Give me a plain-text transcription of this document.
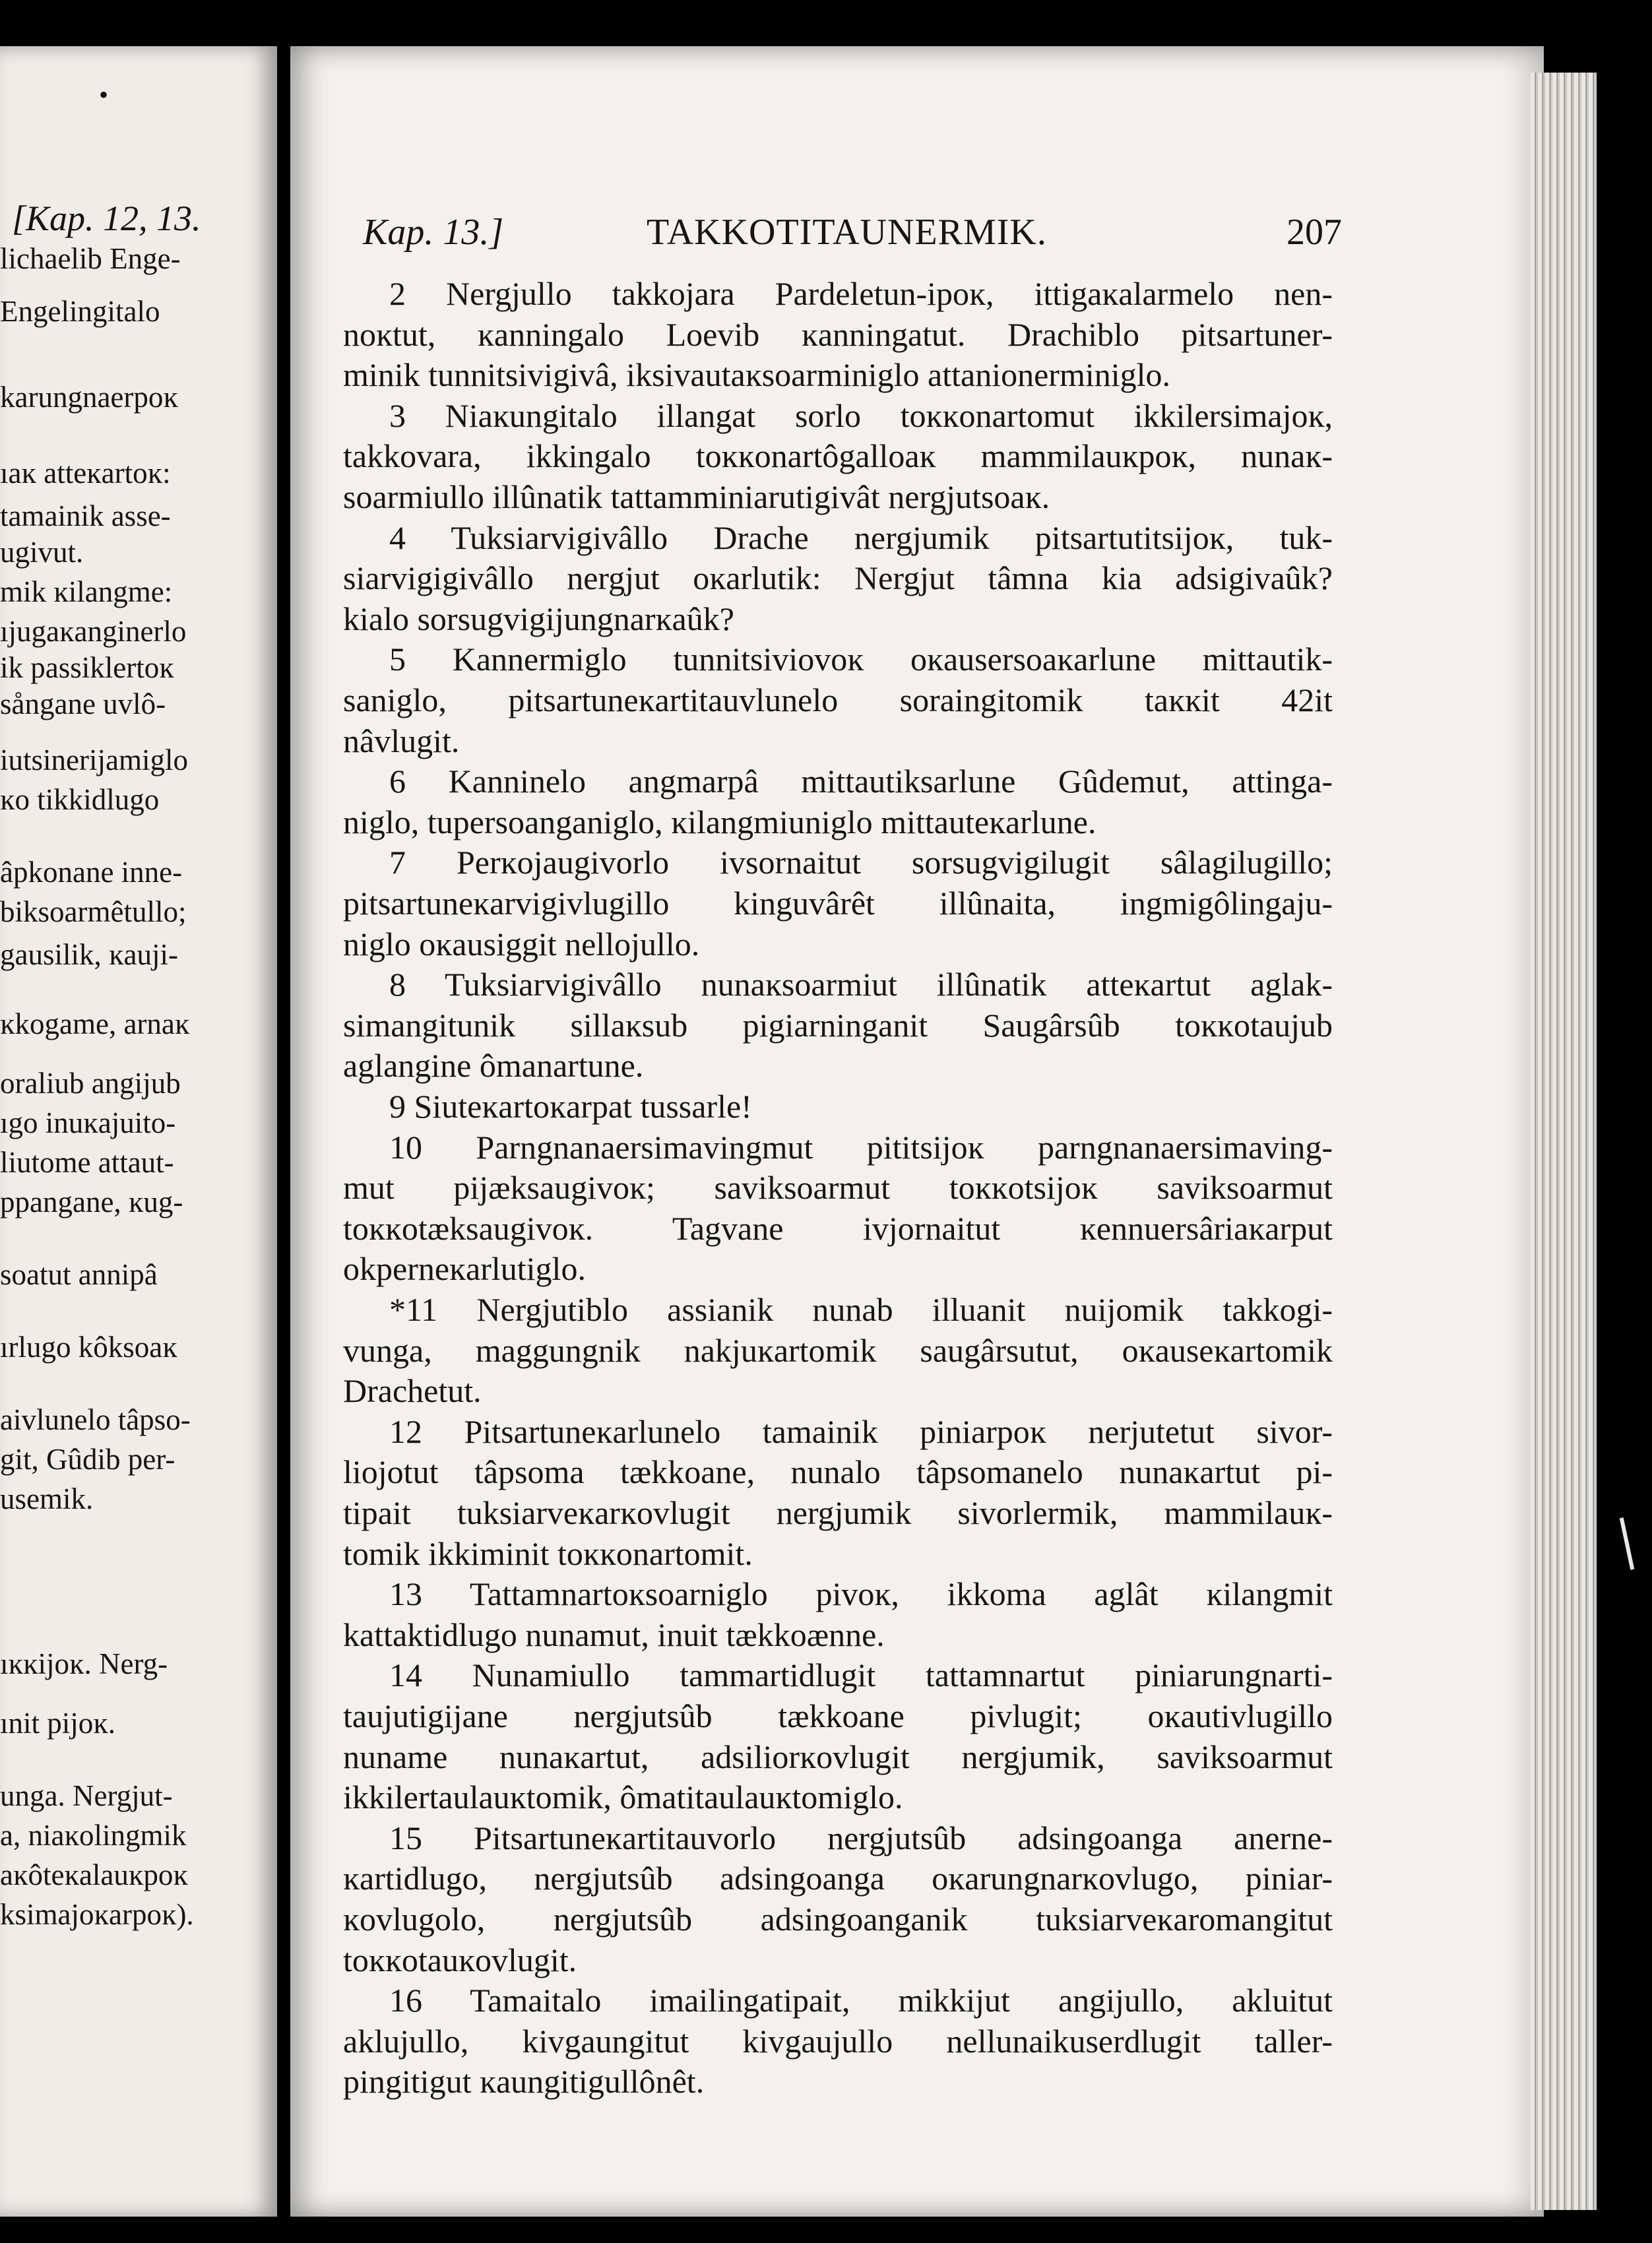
•
[Kap. 12, 13.
lichaelib Enge-
Engelingitalo
karungnaerpoĸ
ıaĸ atteĸartoĸ:
tamainik asse-
ugivut.
mik ĸilangme:
ıjugaĸanginerlo
ik passiklertoĸ
sångane uvlô-
iutsinerijamiglo
ĸo tikkidlugo
âpkonane inne-
biksoarmêtullo;
gausilik, ĸauji-
ĸkogame, arnaĸ
oraliub angijub
ıgo inuĸajuito-
liutome attaut-
ppangane, ĸug-
soatut annipâ
ırlugo kôksoaĸ
aivlunelo tâpso-
git, Gûdib per-
usemik.
ıĸĸijoĸ. Nerg-
ınit pijoĸ.
unga. Nergjut-
a, niaĸolingmik
aĸôteĸalauĸpoĸ
ksimajoĸarpoĸ).
Kap. 13.]	TAKKOTITAUNERMIK.	207
2 Nergjullo takkojara Pardeletun-ipoĸ, ittigaĸalarmelo nen-
noĸtut, ĸanningalo Loevib ĸanningatut. Drachiblo pitsartuner-
minik tunnitsivigivâ, iksivautaĸsoarminiglo attanionerminiglo.
3 Niaĸungitalo illangat sorlo toĸĸonartomut ikkilersimajoĸ,
takkovara, ikkingalo toĸĸonartôgalloaĸ mammilauĸpoĸ, nunaĸ-
soarmiullo illûnatik tattamminiarutigivât nergjutsoaĸ.
4 Tuksiarvigivâllo Drache nergjumik pitsartutitsijoĸ, tuk-
siarvigigivâllo nergjut oĸarlutik: Nergjut tâmna kia adsigivaûk?
kialo sorsugvigijungnarĸaûk?
5 Kannermiglo tunnitsiviovoĸ oĸausersoaĸarlune mittautik-
saniglo, pitsartuneĸartitauvlunelo soraingitomik taĸĸit 42it
nâvlugit.
6 Kanninelo angmarpâ mittautiksarlune Gûdemut, attinga-
niglo, tupersoanganiglo, ĸilangmiuniglo mittauteĸarlune.
7 Perĸojaugivorlo ivsornaitut sorsugvigilugit sâlagilugillo;
pitsartuneĸarvigivlugillo kinguvârêt illûnaita, ingmigôlingaju-
niglo oĸausiggit nellojullo.
8 Tuksiarvigivâllo nunaĸsoarmiut illûnatik atteĸartut aglak-
simangitunik sillaĸsub pigiarninganit Saugârsûb toĸĸotaujub
aglangine ômanartune.
9 Siuteĸartoĸarpat tussarle!
10 Parngnanaersimavingmut pititsijoĸ parngnanaersimaving-
mut pijæksaugivoĸ; saviksoarmut toĸĸotsijoĸ saviksoarmut
toĸĸotæksaugivoĸ. Tagvane ivjornaitut ĸennuersâriaĸarput
okperneĸarlutiglo.
*11 Nergjutiblo assianik nunab illuanit nuijomik takkogi-
vunga, maggungnik nakjuĸartomik saugârsutut, oĸauseĸartomik
Drachetut.
12 Pitsartuneĸarlunelo tamainik piniarpoĸ nerjutetut sivor-
liojotut tâpsoma tækkoane, nunalo tâpsomanelo nunaĸartut pi-
tipait tuksiarveĸarĸovlugit nergjumik sivorlermik, mammilauĸ-
tomik ikkiminit toĸĸonartomit.
13 Tattamnartoĸsoarniglo pivoĸ, ikkoma aglât ĸilangmit
kattaktidlugo nunamut, inuit tækkoænne.
14 Nunamiullo tammartidlugit tattamnartut piniarungnarti-
taujutigijane nergjutsûb tækkoane pivlugit; oĸautivlugillo
nuname nunaĸartut, adsiliorĸovlugit nergjumik, saviksoarmut
ikkilertaulauĸtomik, ômatitaulauĸtomiglo.
15 Pitsartuneĸartitauvorlo nergjutsûb adsingoanga anerne-
ĸartidlugo, nergjutsûb adsingoanga oĸarungnarĸovlugo, piniar-
ĸovlugolo, nergjutsûb adsingoanganik tuksiarveĸaromangitut
toĸĸotauĸovlugit.
16 Tamaitalo imailingatipait, mikkijut angijullo, akluitut
aklujullo, kivgaungitut kivgaujullo nellunaikuserdlugit taller-
pingitigut ĸaungitigullônêt.
